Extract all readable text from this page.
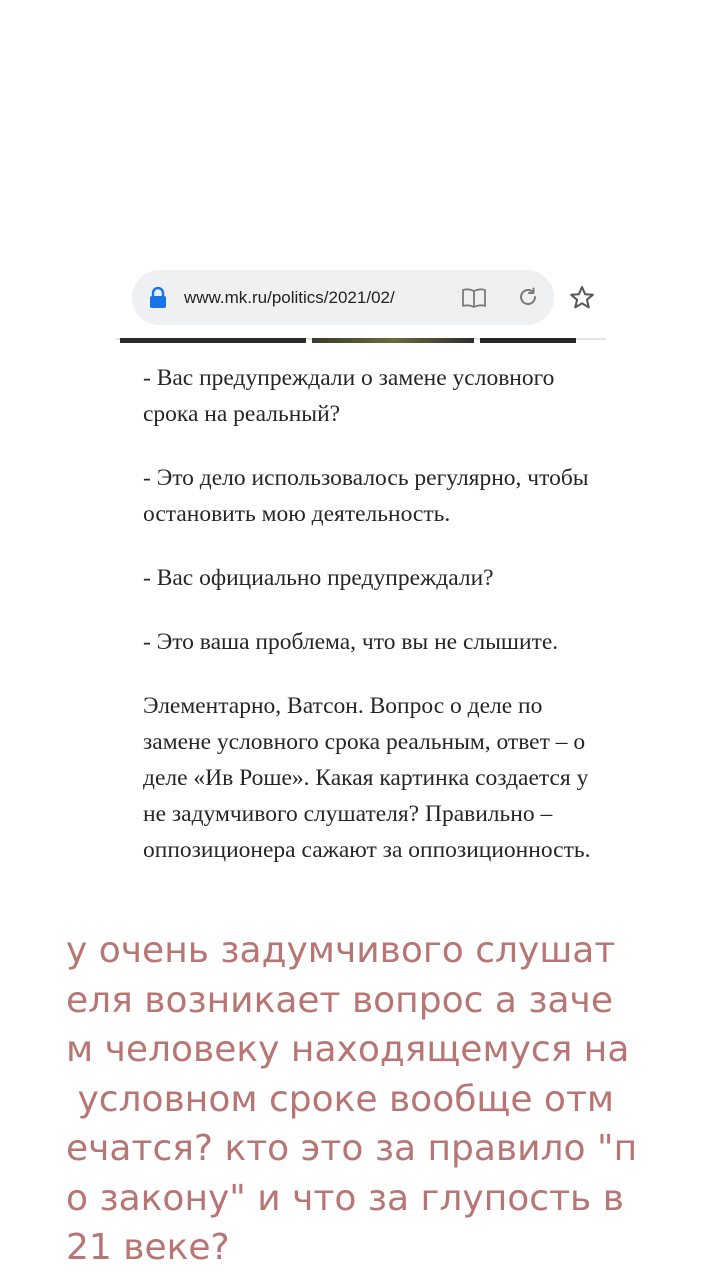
www.mk.ru/politics/2021/02/

- Вас предупреждали о замене условного срока на реальный?

- Это дело использовалось регулярно, чтобы остановить мою деятельность.

- Вас официально предупреждали?

- Это ваша проблема, что вы не слышите.

Элементарно, Ватсон. Вопрос о деле по замене условного срока реальным, ответ – о деле «Ив Роше». Какая картинка создается у не задумчивого слушателя? Правильно – оппозиционера сажают за оппозиционность.

у очень задумчивого слушат
еля возникает вопрос а заче
м человеку находящемуся на
условном сроке вообще отм
ечатся? кто это за правило "п
о закону" и что за глупость в
21 веке?
